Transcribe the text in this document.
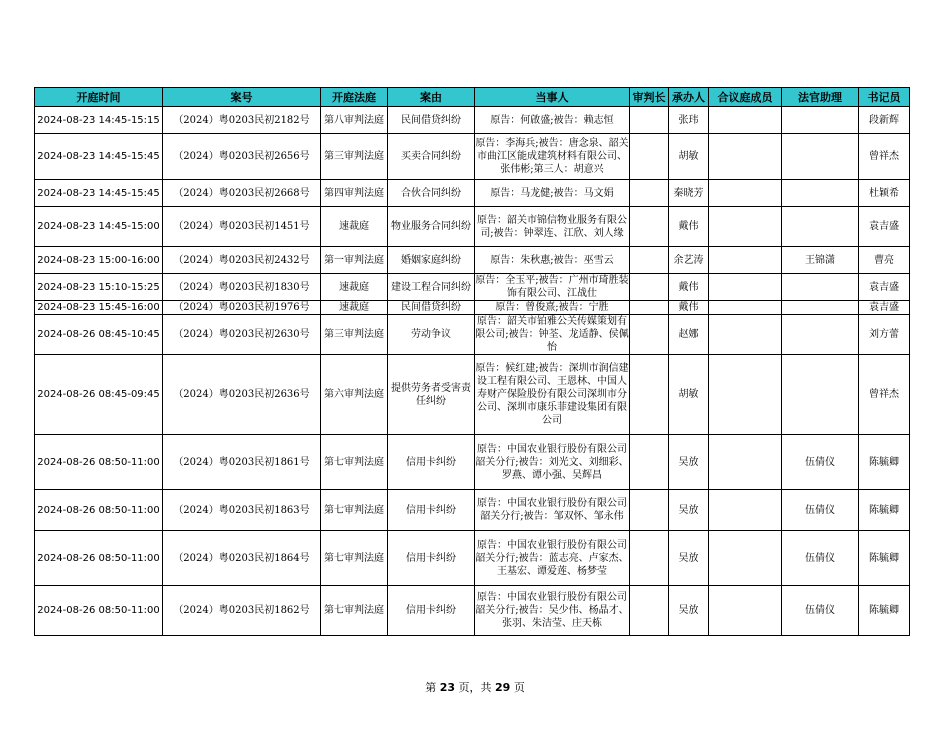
开庭时间	案号	开庭法庭	案由	当事人	审判长	承办人	合议庭成员	法官助理	书记员

2024-08-23 14:45-15:15	（2024）粤0203民初2182号	第八审判法庭	民间借贷纠纷	原告：何啟盛;被告：赖志恒		张玮			段新辉

2024-08-23 14:45-15:45	（2024）粤0203民初2656号	第三审判法庭	买卖合同纠纷	原告：李海兵;被告：唐念泉、韶关市曲江区能成建筑材料有限公司、张伟彬;第三人：胡意兴		胡敏			曾祥杰

2024-08-23 14:45-15:45	（2024）粤0203民初2668号	第四审判法庭	合伙合同纠纷	原告：马龙健;被告：马文娟		秦晓芳			杜颖希

2024-08-23 14:45-15:00	（2024）粤0203民初1451号	速裁庭	物业服务合同纠纷	原告：韶关市锦信物业服务有限公司;被告：钟翠连、江欣、刘人缘		戴伟			袁吉盛

2024-08-23 15:00-16:00	（2024）粤0203民初2432号	第一审判法庭	婚姻家庭纠纷	原告：朱秋惠;被告：巫雪云		余艺涛		王锦潇	曹亮

2024-08-23 15:10-15:25	（2024）粤0203民初1830号	速裁庭	建设工程合同纠纷	原告：全玉平;被告：广州市琦胜装饰有限公司、江战仕		戴伟			袁吉盛

2024-08-23 15:45-16:00	（2024）粤0203民初1976号	速裁庭	民间借贷纠纷	原告：曾俊熹;被告：宁胜		戴伟			袁吉盛

2024-08-26 08:45-10:45	（2024）粤0203民初2630号	第三审判法庭	劳动争议	原告：韶关市铂雅公关传媒策划有限公司;被告：钟荃、龙适静、侯佩怡		赵娜			刘方蕾

2024-08-26 08:45-09:45	（2024）粤0203民初2636号	第六审判法庭	提供劳务者受害责任纠纷	原告：候红建;被告：深圳市润信建设工程有限公司、王恩林、中国人寿财产保险股份有限公司深圳市分公司、深圳市康乐菲建设集团有限公司		胡敏			曾祥杰

2024-08-26 08:50-11:00	（2024）粤0203民初1861号	第七审判法庭	信用卡纠纷	原告：中国农业银行股份有限公司韶关分行;被告：刘光文、刘细彩、罗燕、谭小强、吴辉昌		吴放		伍倩仪	陈毓卿

2024-08-26 08:50-11:00	（2024）粤0203民初1863号	第七审判法庭	信用卡纠纷	原告：中国农业银行股份有限公司韶关分行;被告：邹双怀、邹永伟		吴放		伍倩仪	陈毓卿

2024-08-26 08:50-11:00	（2024）粤0203民初1864号	第七审判法庭	信用卡纠纷	原告：中国农业银行股份有限公司韶关分行;被告：蓝志亮、卢家杰、王基宏、谭爱莲、杨梦莹		吴放		伍倩仪	陈毓卿

2024-08-26 08:50-11:00	（2024）粤0203民初1862号	第七审判法庭	信用卡纠纷	原告：中国农业银行股份有限公司韶关分行;被告：吴少伟、杨晶才、张羽、朱洁莹、庄天栋		吴放		伍倩仪	陈毓卿
第 23 页，共 29 页
